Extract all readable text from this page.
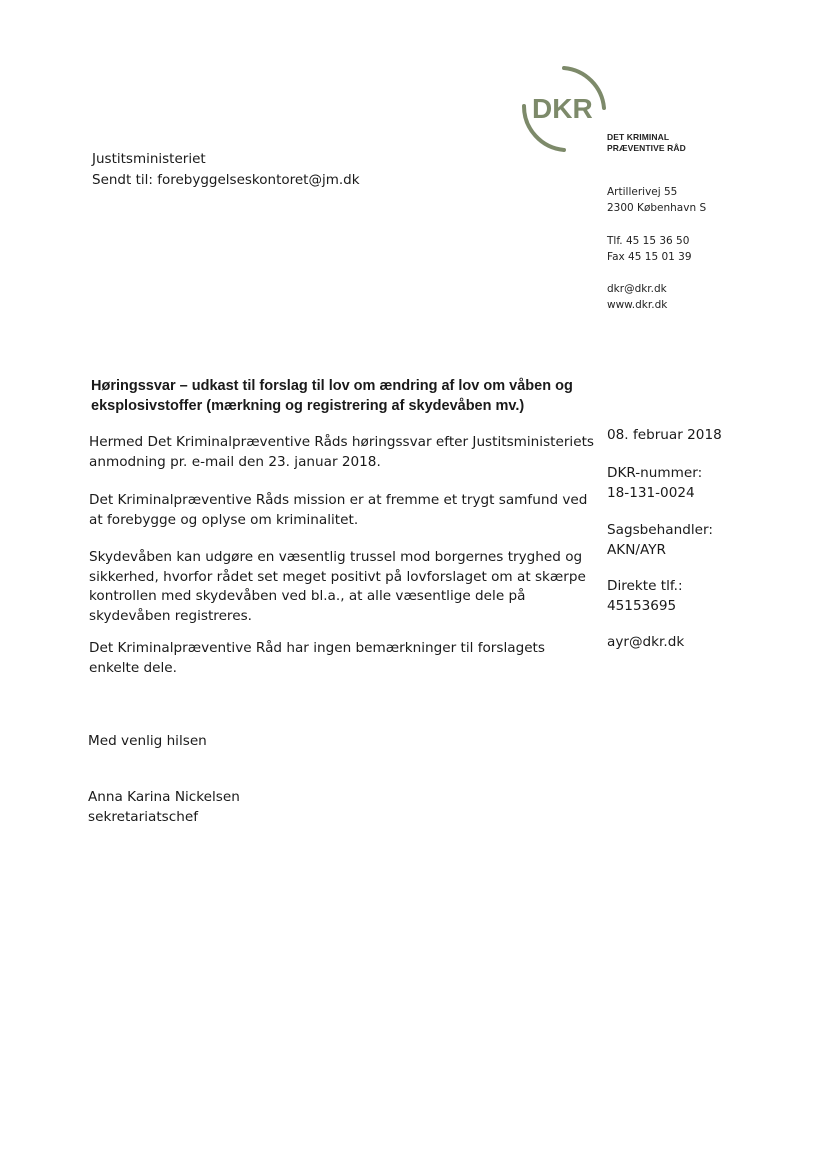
DKR
DET KRIMINAL
PRÆVENTIVE RÅD
Artillerivej 55
2300 København S
Tlf. 45 15 36 50
Fax 45 15 01 39
dkr@dkr.dk
www.dkr.dk
Justitsministeriet
Sendt til: forebyggelseskontoret@jm.dk
Høringssvar – udkast til forslag til lov om ændring af lov om våben og eksplosivstoffer (mærkning og registrering af skydevåben mv.)
Hermed Det Kriminalpræventive Råds høringssvar efter Justitsministeriets anmodning pr. e-mail den 23. januar 2018.
Det Kriminalpræventive Råds mission er at fremme et trygt samfund ved at forebygge og oplyse om kriminalitet.
Skydevåben kan udgøre en væsentlig trussel mod borgernes tryghed og sikkerhed, hvorfor rådet set meget positivt på lovforslaget om at skærpe kontrollen med skydevåben ved bl.a., at alle væsentlige dele på skydevåben registreres.
Det Kriminalpræventive Råd har ingen bemærkninger til forslagets enkelte dele.
08. februar 2018
DKR-nummer:
18-131-0024
Sagsbehandler:
AKN/AYR
Direkte tlf.:
45153695
ayr@dkr.dk
Med venlig hilsen
Anna Karina Nickelsen
sekretariatschef
